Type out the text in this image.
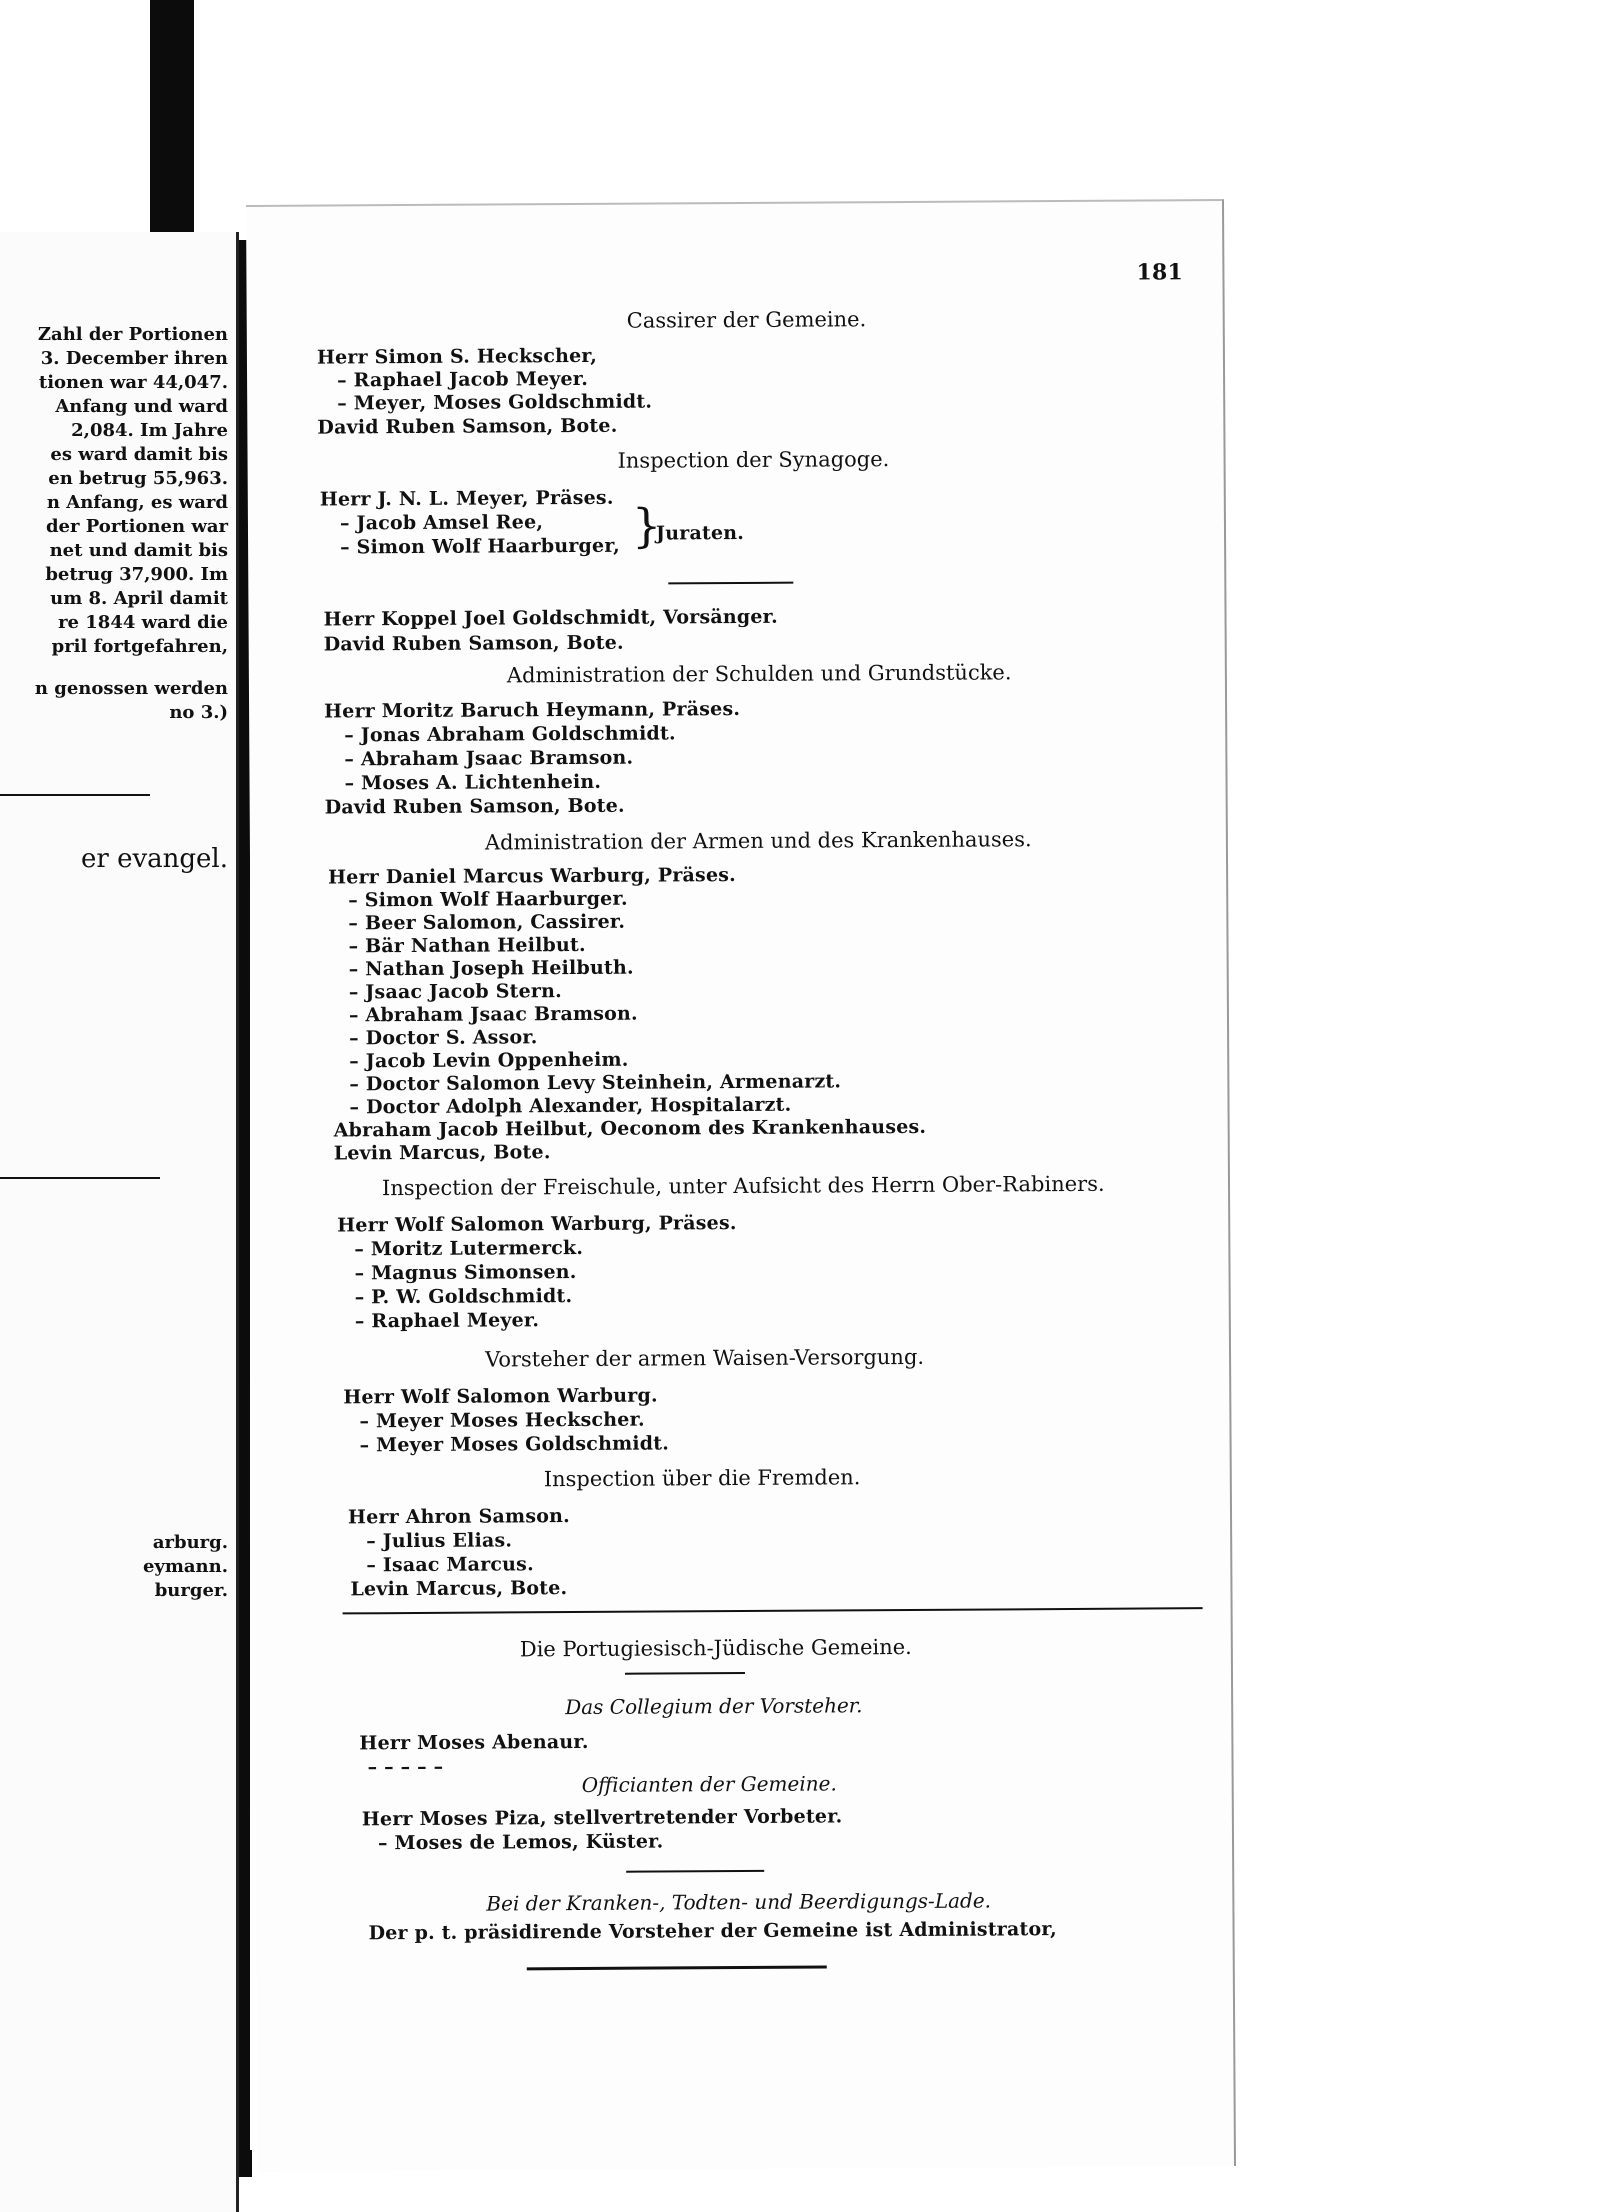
Zahl der Portionen
3. December ihren
tionen war 44,047.
Anfang und ward
2,084. Im Jahre
es ward damit bis
en betrug 55,963.
n Anfang, es ward
der Portionen war
net und damit bis
betrug 37,900. Im
um 8. April damit
re 1844 ward die
pril fortgefahren,
n genossen werden
no 3.)
er evangel.
arburg.
eymann.
burger.
181
Cassirer der Gemeine.
Herr Simon S. Heckscher,
– Raphael Jacob Meyer.
– Meyer, Moses Goldschmidt.
David Ruben Samson, Bote.
Inspection der Synagoge.
Herr J. N. L. Meyer, Präses.
– Jacob Amsel Ree,
– Simon Wolf Haarburger, }
Juraten.
Herr Koppel Joel Goldschmidt, Vorsänger.
David Ruben Samson, Bote.
Administration der Schulden und Grundstücke.
Herr Moritz Baruch Heymann, Präses.
– Jonas Abraham Goldschmidt.
– Abraham Jsaac Bramson.
– Moses A. Lichtenhein.
David Ruben Samson, Bote.
Administration der Armen und des Krankenhauses.
Herr Daniel Marcus Warburg, Präses.
– Simon Wolf Haarburger.
– Beer Salomon, Cassirer.
– Bär Nathan Heilbut.
– Nathan Joseph Heilbuth.
– Jsaac Jacob Stern.
– Abraham Jsaac Bramson.
– Doctor S. Assor.
– Jacob Levin Oppenheim.
– Doctor Salomon Levy Steinhein, Armenarzt.
– Doctor Adolph Alexander, Hospitalarzt.
Abraham Jacob Heilbut, Oeconom des Krankenhauses.
Levin Marcus, Bote.
Inspection der Freischule, unter Aufsicht des Herrn Ober-Rabiners.
Herr Wolf Salomon Warburg, Präses.
– Moritz Lutermerck.
– Magnus Simonsen.
– P. W. Goldschmidt.
– Raphael Meyer.
Vorsteher der armen Waisen-Versorgung.
Herr Wolf Salomon Warburg.
– Meyer Moses Heckscher.
– Meyer Moses Goldschmidt.
Inspection über die Fremden.
Herr Ahron Samson.
– Julius Elias.
– Isaac Marcus.
Levin Marcus, Bote.
Die Portugiesisch-Jüdische Gemeine.
Das Collegium der Vorsteher.
Herr Moses Abenaur.
– – – – –
Officianten der Gemeine.
Herr Moses Piza, stellvertretender Vorbeter.
– Moses de Lemos, Küster.
Bei der Kranken-, Todten- und Beerdigungs-Lade.
Der p. t. präsidirende Vorsteher der Gemeine ist Administrator,
